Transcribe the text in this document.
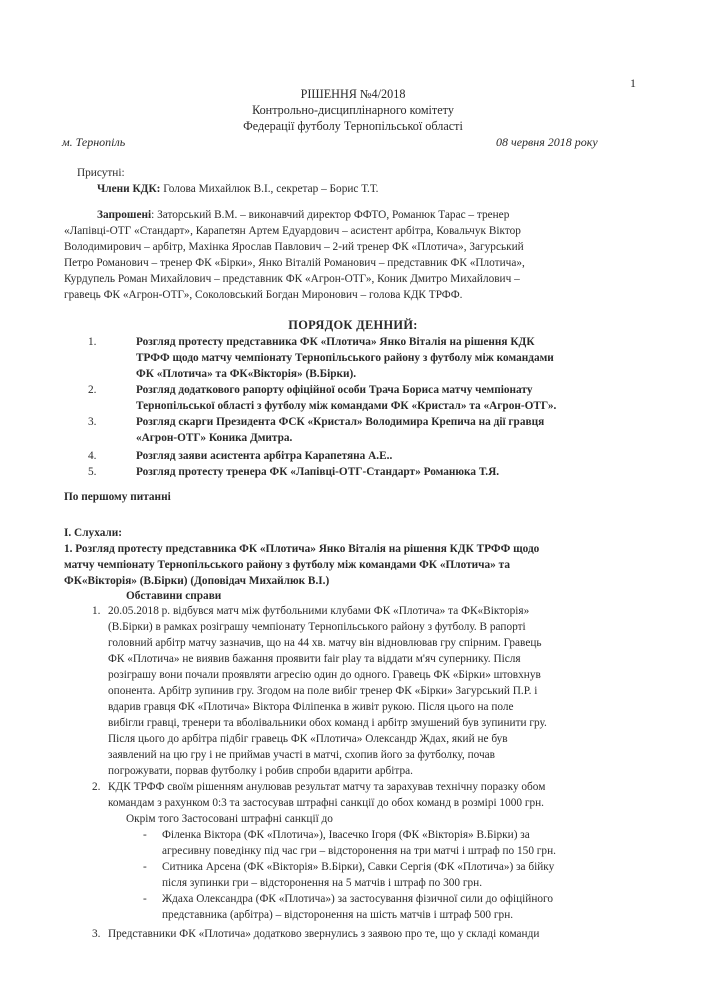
1
РІШЕННЯ №4/2018
Контрольно-дисциплінарного комітету
Федерації футболу Тернопільської області
м. Тернопіль	08 червня 2018 року
Присутні:
Члени КДК: Голова Михайлюк В.І., секретар – Борис Т.Т.
Запрошені: Заторський В.М. – виконавчий директор ФФТО, Романюк Тарас – тренер
«Лапівці-ОТГ «Стандарт», Карапетян Артем Едуардович – асистент арбітра, Ковальчук Віктор
Володимирович – арбітр, Махінка Ярослав Павлович – 2-ий тренер ФК «Плотича», Загурський
Петро Романович – тренер ФК «Бірки», Янко Віталій Романович – представник ФК «Плотича»,
Курдупель Роман Михайлович – представник ФК «Агрон-ОТГ», Коник Дмитро Михайлович –
гравець ФК «Агрон-ОТГ», Соколовський Богдан Миронович – голова КДК ТРФФ.
ПОРЯДОК ДЕННИЙ:
1.	Розгляд протесту представника ФК «Плотича» Янко Віталія на рішення КДК
ТРФФ щодо матчу чемпіонату Тернопільського району з футболу між командами
ФК «Плотича» та ФК«Вікторія» (В.Бірки).
2.	Розгляд додаткового рапорту офіційної особи Трача Бориса матчу чемпіонату
Тернопільської області з футболу між командами ФК «Кристал» та «Агрон-ОТГ».
3.	Розгляд скарги Президента ФСК «Кристал» Володимира Крепича на дії гравця
«Агрон-ОТГ» Коника Дмитра.
4.	Розгляд заяви асистента арбітра Карапетяна А.Е..
5.	Розгляд протесту тренера ФК «Лапівці-ОТГ-Стандарт» Романюка Т.Я.
По першому питанні
І. Слухали:
1. Розгляд протесту представника ФК «Плотича» Янко Віталія на рішення КДК ТРФФ щодо
матчу чемпіонату Тернопільського району з футболу між командами ФК «Плотича» та
ФК«Вікторія» (В.Бірки) (Доповідач Михайлюк В.І.)
Обставини справи
1. 20.05.2018 р. відбувся матч між футбольними клубами ФК «Плотича» та ФК«Вікторія»
(В.Бірки) в рамках розіграшу чемпіонату Тернопільського району з футболу. В рапорті
головний арбітр матчу зазначив, що на 44 хв. матчу він відновлював гру спірним. Гравець
ФК «Плотича» не виявив бажання проявити fair play та віддати м'яч супернику. Після
розіграшу вони почали проявляти агресію один до одного. Гравець ФК «Бірки» штовхнув
опонента. Арбітр зупинив гру. Згодом на поле вибіг тренер ФК «Бірки» Загурський П.Р. і
вдарив гравця ФК «Плотича» Віктора Філіпенка в живіт рукою. Після цього на поле
вибігли гравці, тренери та вболівальники обох команд і арбітр змушений був зупинити гру.
Після цього до арбітра підбіг гравець ФК «Плотича» Олександр Ждах, який не був
заявлений на цю гру і не приймав участі в матчі, схопив його за футболку, почав
погрожувати, порвав футболку і робив спроби вдарити арбітра.
2. КДК ТРФФ своїм рішенням анулював результат матчу та зарахував технічну поразку обом
командам з рахунком 0:3 та застосував штрафні санкції до обох команд в розмірі 1000 грн.
Окрім того Застосовані штрафні санкції до
- Філенка Віктора (ФК «Плотича»), Івасечко Ігоря (ФК «Вікторія» В.Бірки) за
агресивну поведінку під час гри – відсторонення на три матчі і штраф по 150 грн.
- Ситника Арсена (ФК «Вікторія» В.Бірки), Савки Сергія (ФК «Плотича») за бійку
після зупинки гри – відсторонення на 5 матчів і штраф по 300 грн.
- Ждаха Олександра (ФК «Плотича») за застосування фізичної сили до офіційного
представника (арбітра) – відсторонення на шість матчів і штраф 500 грн.
3. Представники ФК «Плотича» додатково звернулись з заявою про те, що у складі команди
